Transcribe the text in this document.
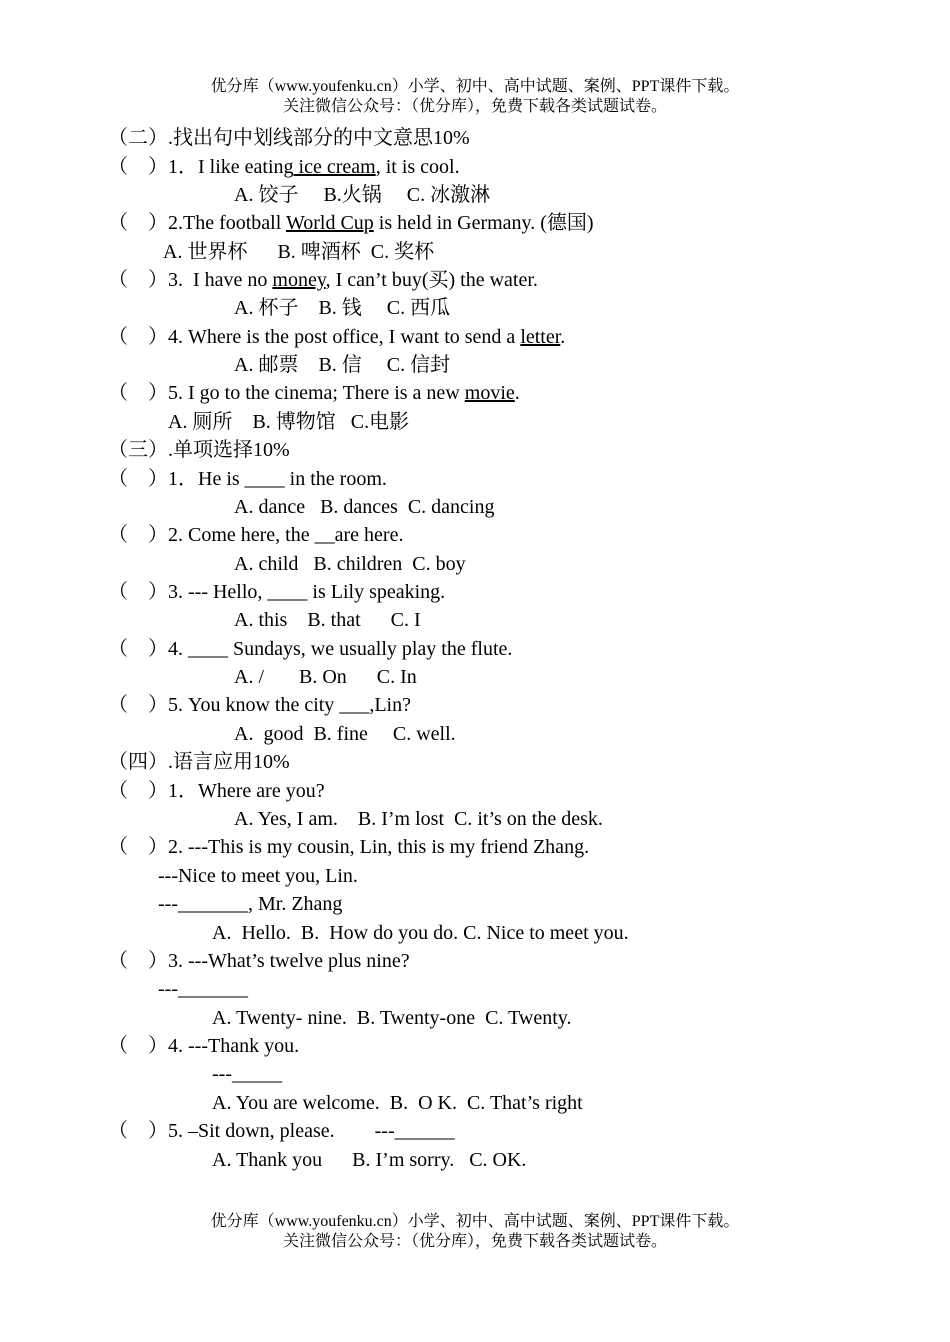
优分库（www.youfenku.cn）小学、初中、高中试题、案例、PPT课件下载。
关注微信公众号：（优分库），免费下载各类试题试卷。
（二）.找出句中划线部分的中文意思10%
（    ）1．I like eating ice cream, it is cool.
A. 饺子     B.火锅     C. 冰激淋
（    ）2.The football World Cup is held in Germany. (德国)
A. 世界杯      B. 啤酒杯  C. 奖杯
（    ）3.  I have no money, I can’t buy(买) the water.
A. 杯子    B. 钱     C. 西瓜
（    ）4. Where is the post office, I want to send a letter.
A. 邮票    B. 信     C. 信封
（    ）5. I go to the cinema; There is a new movie.
A. 厕所    B. 博物馆   C.电影
（三）.单项选择10%
（    ）1．He is ____ in the room.
A. dance   B. dances  C. dancing
（    ）2. Come here, the __are here.
A. child   B. children  C. boy
（    ）3. --- Hello, ____ is Lily speaking.
A. this    B. that      C. I
（    ）4. ____ Sundays, we usually play the flute.
A. /       B. On      C. In
（    ）5. You know the city ___,Lin?
A.  good  B. fine     C. well.
（四）.语言应用10%
（    ）1．Where are you?
A. Yes, I am.    B. I’m lost  C. it’s on the desk.
（    ）2. ---This is my cousin, Lin, this is my friend Zhang.
---Nice to meet you, Lin.
---_______, Mr. Zhang
A.  Hello.  B.  How do you do. C. Nice to meet you.
（    ）3. ---What’s twelve plus nine?
---_______
A. Twenty- nine.  B. Twenty-one  C. Twenty.
（    ）4. ---Thank you.
---_____
A. You are welcome.  B.  O K.  C. That’s right
（    ）5. –Sit down, please.        ---______
A. Thank you      B. I’m sorry.   C. OK.
优分库（www.youfenku.cn）小学、初中、高中试题、案例、PPT课件下载。
关注微信公众号：（优分库），免费下载各类试题试卷。
